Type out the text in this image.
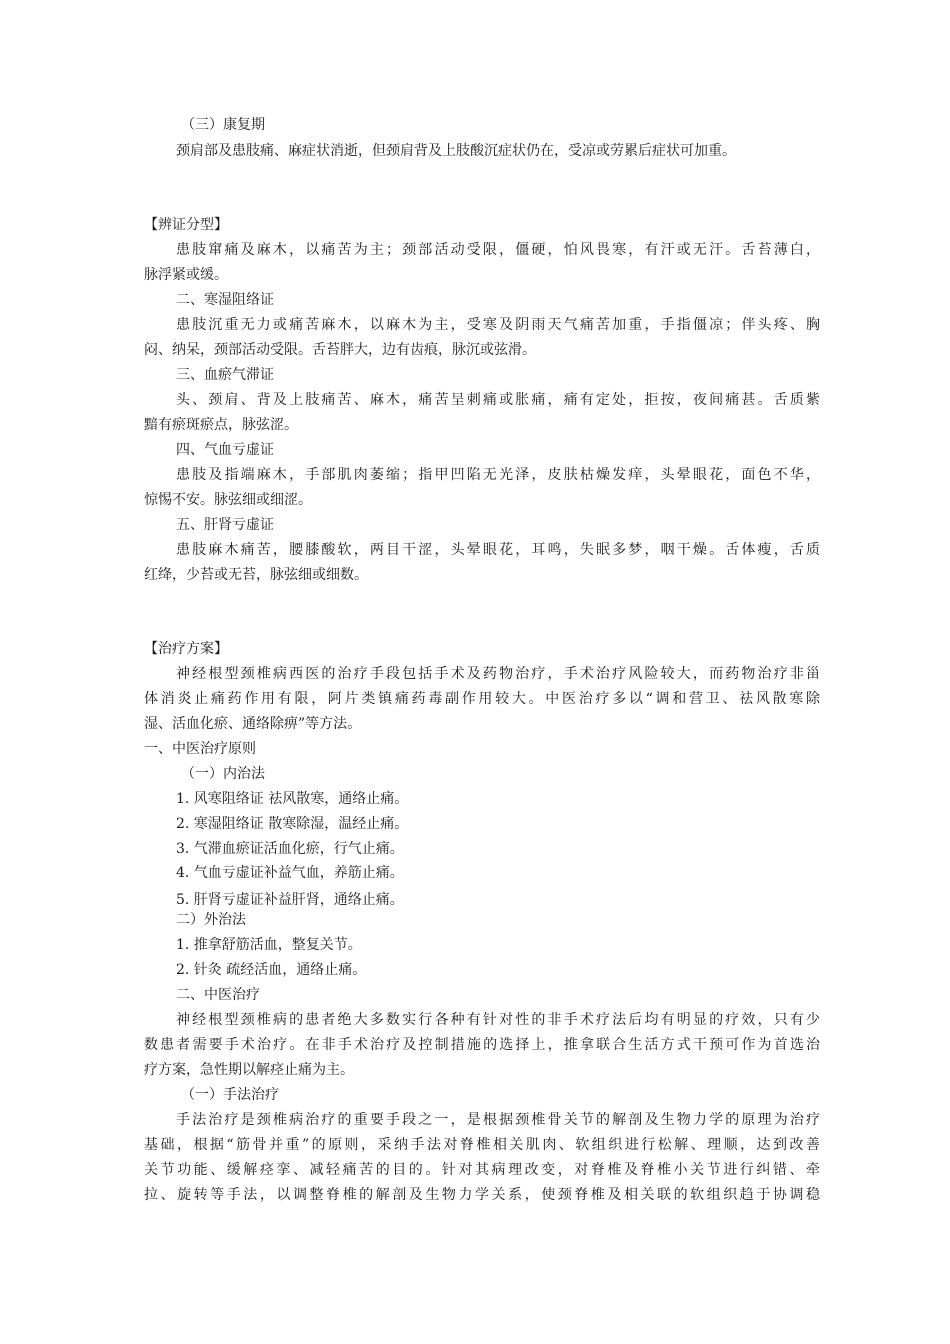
（三）康复期
颈肩部及患肢痛、麻症状消逝，但颈肩背及上肢酸沉症状仍在，受凉或劳累后症状可加重。
【辨证分型】
患肢窜痛及麻木，以痛苦为主；颈部活动受限，僵硬，怕风畏寒，有汗或无汗。舌苔薄白，
脉浮紧或缓。
二、寒湿阻络证
患肢沉重无力或痛苦麻木，以麻木为主，受寒及阴雨天气痛苦加重，手指僵凉；伴头疼、胸
闷、纳呆，颈部活动受限。舌苔胖大，边有齿痕，脉沉或弦滑。
三、血瘀气滞证
头、颈肩、背及上肢痛苦、麻木，痛苦呈刺痛或胀痛，痛有定处，拒按，夜间痛甚。舌质紫
黯有瘀斑瘀点，脉弦涩。
四、气血亏虚证
患肢及指端麻木，手部肌肉萎缩；指甲凹陷无光泽，皮肤枯燥发痒，头晕眼花，面色不华，
惊惕不安。脉弦细或细涩。
五、肝肾亏虚证
患肢麻木痛苦，腰膝酸软，两目干涩，头晕眼花，耳鸣，失眠多梦，咽干燥。舌体瘦，舌质
红绛，少苔或无苔，脉弦细或细数。
【治疗方案】
神经根型颈椎病西医的治疗手段包括手术及药物治疗，手术治疗风险较大，而药物治疗非甾
体消炎止痛药作用有限，阿片类镇痛药毒副作用较大。中医治疗多以“调和营卫、祛风散寒除
湿、活血化瘀、通络除痹”等方法。
一、中医治疗原则
（一）内治法
1. 风寒阻络证 祛风散寒，通络止痛。
2. 寒湿阻络证 散寒除湿，温经止痛。
3. 气滞血瘀证活血化瘀，行气止痛。
4. 气血亏虚证补益气血，养筋止痛。
5. 肝肾亏虚证补益肝肾，通络止痛。
二）外治法
1. 推拿舒筋活血，整复关节。
2. 针灸 疏经活血，通络止痛。
二、中医治疗
神经根型颈椎病的患者绝大多数实行各种有针对性的非手术疗法后均有明显的疗效，只有少
数患者需要手术治疗。在非手术治疗及控制措施的选择上，推拿联合生活方式干预可作为首选治
疗方案，急性期以解痉止痛为主。
（一）手法治疗
手法治疗是颈椎病治疗的重要手段之一，是根据颈椎骨关节的解剖及生物力学的原理为治疗
基础，根据“筋骨并重”的原则，采纳手法对脊椎相关肌肉、软组织进行松解、理顺，达到改善
关节功能、缓解痉挛、减轻痛苦的目的。针对其病理改变，对脊椎及脊椎小关节进行纠错、牵
拉、旋转等手法，以调整脊椎的解剖及生物力学关系，使颈脊椎及相关联的软组织趋于协调稳
